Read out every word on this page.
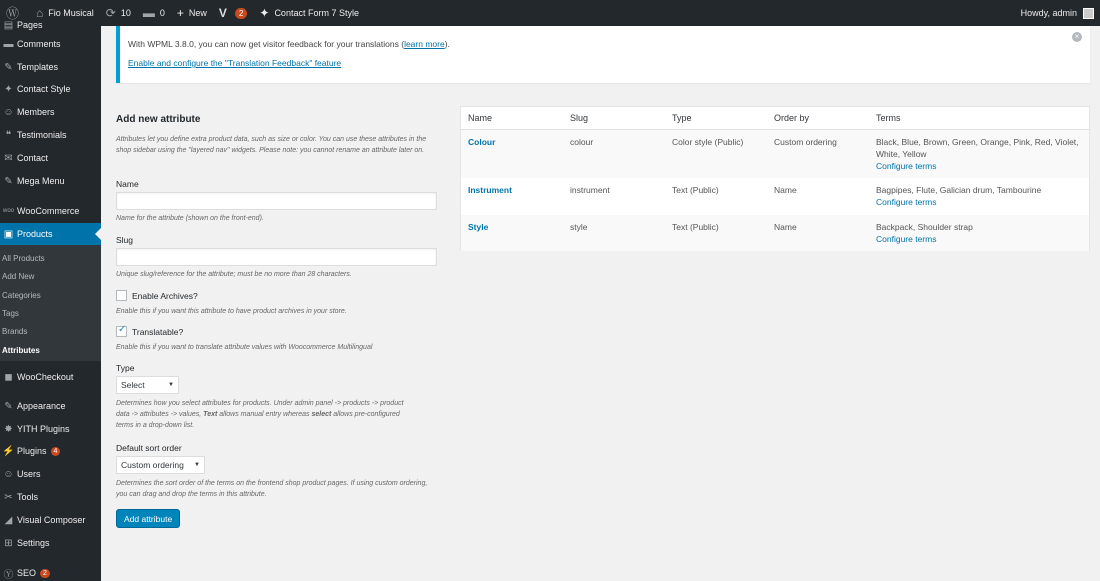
Ⓦ ⌂ Fio Musical ⟳ 10 ▬ 0 + New V	2	✦ Contact Form 7 Style	Howdy, admin
▤ Pages
▬ Comments
✎ Templates
✦ Contact Style
☺ Members
❝ Testimonials
✉ Contact
✎ Mega Menu
woo WooCommerce
▣ Products
All Products
Add New
Categories
Tags
Brands
Attributes
◼ WooCheckout
✎ Appearance
✸ YITH Plugins
⚡ Plugins	4
☺ Users
✂ Tools
◢ Visual Composer
⊞ Settings
Ⓨ SEO	2
With WPML 3.8.0, you can now get visitor feedback for your translations (learn more).
Enable and configure the "Translation Feedback" feature
×
Add new attribute
Attributes let you define extra product data, such as size or color. You can use these attributes in the shop sidebar using the "layered nav" widgets. Please note: you cannot rename an attribute later on.
Name
Name for the attribute (shown on the front-end).
Slug
Unique slug/reference for the attribute; must be no more than 28 characters.
Enable Archives?
Enable this if you want this attribute to have product archives in your store.
✓
Translatable?
Enable this if you want to translate attribute values with Woocommerce Multilingual
Type
Select	▼
Determines how you select attributes for products. Under admin panel -> products -> product
data -> attributes -> values, Text allows manual entry whereas select allows pre-configured
terms in a drop-down list.
Default sort order
Custom ordering ▼
Determines the sort order of the terms on the frontend shop product pages. If using custom ordering, you can drag and drop the terms in this attribute.
Add attribute
Name	Slug	Type	Order by	Terms
Colour	colour	Color style (Public)	Custom ordering	Black, Blue, Brown, Green, Orange, Pink, Red, Violet,
White, Yellow
Configure terms
Instrument	instrument	Text (Public)	Name	Bagpipes, Flute, Galician drum, Tambourine
Configure terms
Style	style	Text (Public)	Name	Backpack, Shoulder strap
Configure terms
